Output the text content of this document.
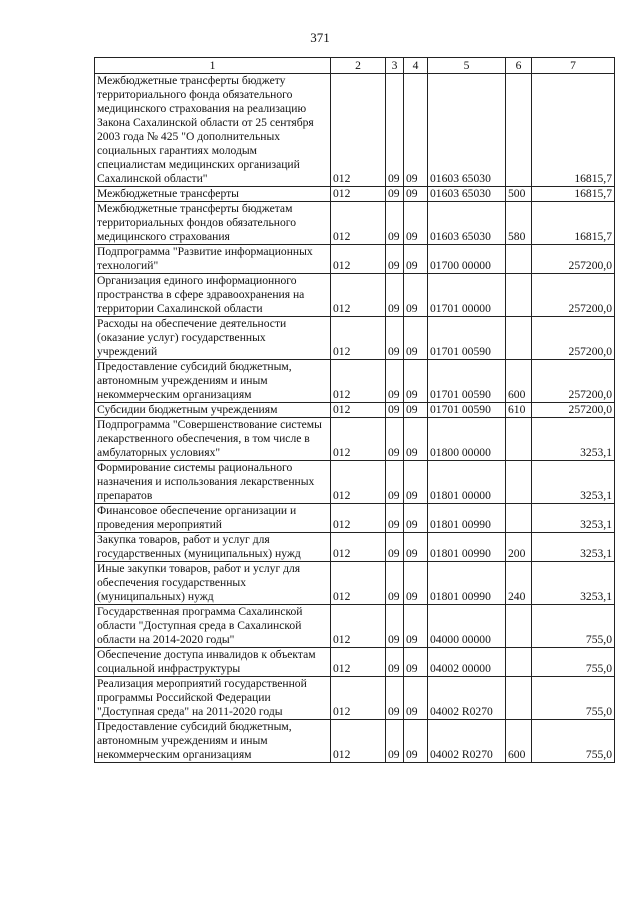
371
1	2	3	4	5	6	7
Межбюджетные трансферты бюджету территориального фонда обязательного медицинского страхования на реализацию Закона Сахалинской области от 25 сентября 2003 года № 425 "О дополнительных социальных гарантиях молодым специалистам медицинских организаций Сахалинской области"	012	09	09	01603 65030		16815,7
Межбюджетные трансферты	012	09	09	01603 65030	500	16815,7
Межбюджетные трансферты бюджетам территориальных фондов обязательного медицинского страхования	012	09	09	01603 65030	580	16815,7
Подпрограмма "Развитие информационных технологий"	012	09	09	01700 00000		257200,0
Организация единого информационного пространства в сфере здравоохранения на территории Сахалинской области	012	09	09	01701 00000		257200,0
Расходы на обеспечение деятельности (оказание услуг) государственных учреждений	012	09	09	01701 00590		257200,0
Предоставление субсидий бюджетным, автономным учреждениям и иным некоммерческим организациям	012	09	09	01701 00590	600	257200,0
Субсидии бюджетным учреждениям	012	09	09	01701 00590	610	257200,0
Подпрограмма "Совершенствование системы лекарственного обеспечения, в том числе в амбулаторных условиях"	012	09	09	01800 00000		3253,1
Формирование системы рационального назначения и использования лекарственных препаратов	012	09	09	01801 00000		3253,1
Финансовое обеспечение организации и проведения мероприятий	012	09	09	01801 00990		3253,1
Закупка товаров, работ и услуг для государственных (муниципальных) нужд	012	09	09	01801 00990	200	3253,1
Иные закупки товаров, работ и услуг для обеспечения государственных (муниципальных) нужд	012	09	09	01801 00990	240	3253,1
Государственная программа Сахалинской области "Доступная среда в Сахалинской области на 2014-2020 годы"	012	09	09	04000 00000		755,0
Обеспечение доступа инвалидов к объектам социальной инфраструктуры	012	09	09	04002 00000		755,0
Реализация мероприятий государственной программы Российской Федерации "Доступная среда" на 2011-2020 годы	012	09	09	04002 R0270		755,0
Предоставление субсидий бюджетным, автономным учреждениям и иным некоммерческим организациям	012	09	09	04002 R0270	600	755,0
